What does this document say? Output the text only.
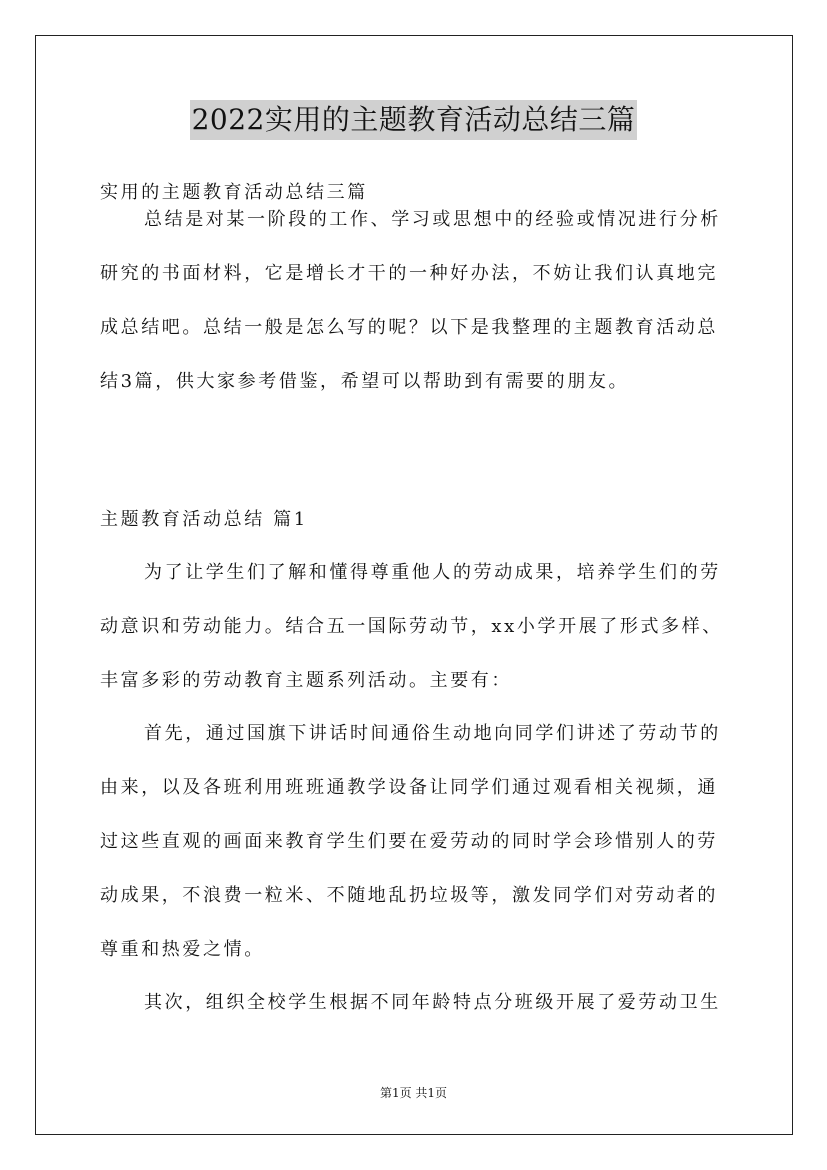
2022实用的主题教育活动总结三篇
实用的主题教育活动总结三篇
总结是对某一阶段的工作、学习或思想中的经验或情况进行分析
研究的书面材料，它是增长才干的一种好办法，不妨让我们认真地完
成总结吧。总结一般是怎么写的呢？以下是我整理的主题教育活动总
结3篇，供大家参考借鉴，希望可以帮助到有需要的朋友。
主题教育活动总结 篇1
为了让学生们了解和懂得尊重他人的劳动成果，培养学生们的劳
动意识和劳动能力。结合五一国际劳动节，xx小学开展了形式多样、
丰富多彩的劳动教育主题系列活动。主要有：
首先，通过国旗下讲话时间通俗生动地向同学们讲述了劳动节的
由来，以及各班利用班班通教学设备让同学们通过观看相关视频，通
过这些直观的画面来教育学生们要在爱劳动的同时学会珍惜别人的劳
动成果，不浪费一粒米、不随地乱扔垃圾等，激发同学们对劳动者的
尊重和热爱之情。
其次，组织全校学生根据不同年龄特点分班级开展了爱劳动卫生
第1页 共1页
